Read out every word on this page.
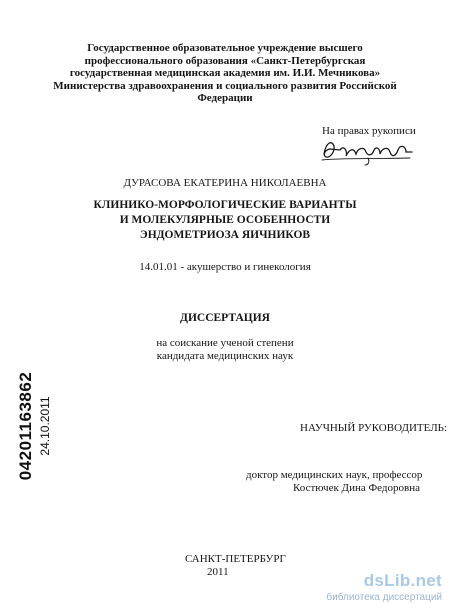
Государственное образовательное учреждение высшего
профессионального образования «Санкт-Петербургская
государственная медицинская академия им. И.И. Мечникова»
Министерства здравоохранения и социального развития Российской
Федерации
На правах рукописи
ДУРАСОВА ЕКАТЕРИНА НИКОЛАЕВНА
КЛИНИКО-МОРФОЛОГИЧЕСКИЕ ВАРИАНТЫ
И МОЛЕКУЛЯРНЫЕ ОСОБЕННОСТИ
ЭНДОМЕТРИОЗА ЯИЧНИКОВ
14.01.01 - акушерство и гинекология
ДИССЕРТАЦИЯ
на соискание ученой степени
кандидата медицинских наук
НАУЧНЫЙ РУКОВОДИТЕЛЬ:
доктор медицинских наук, профессор
Костючек Дина Федоровна
САНКТ-ПЕТЕРБУРГ
2011
04201163862 24.10.2011
dsLib.net
библиотека диссертаций
